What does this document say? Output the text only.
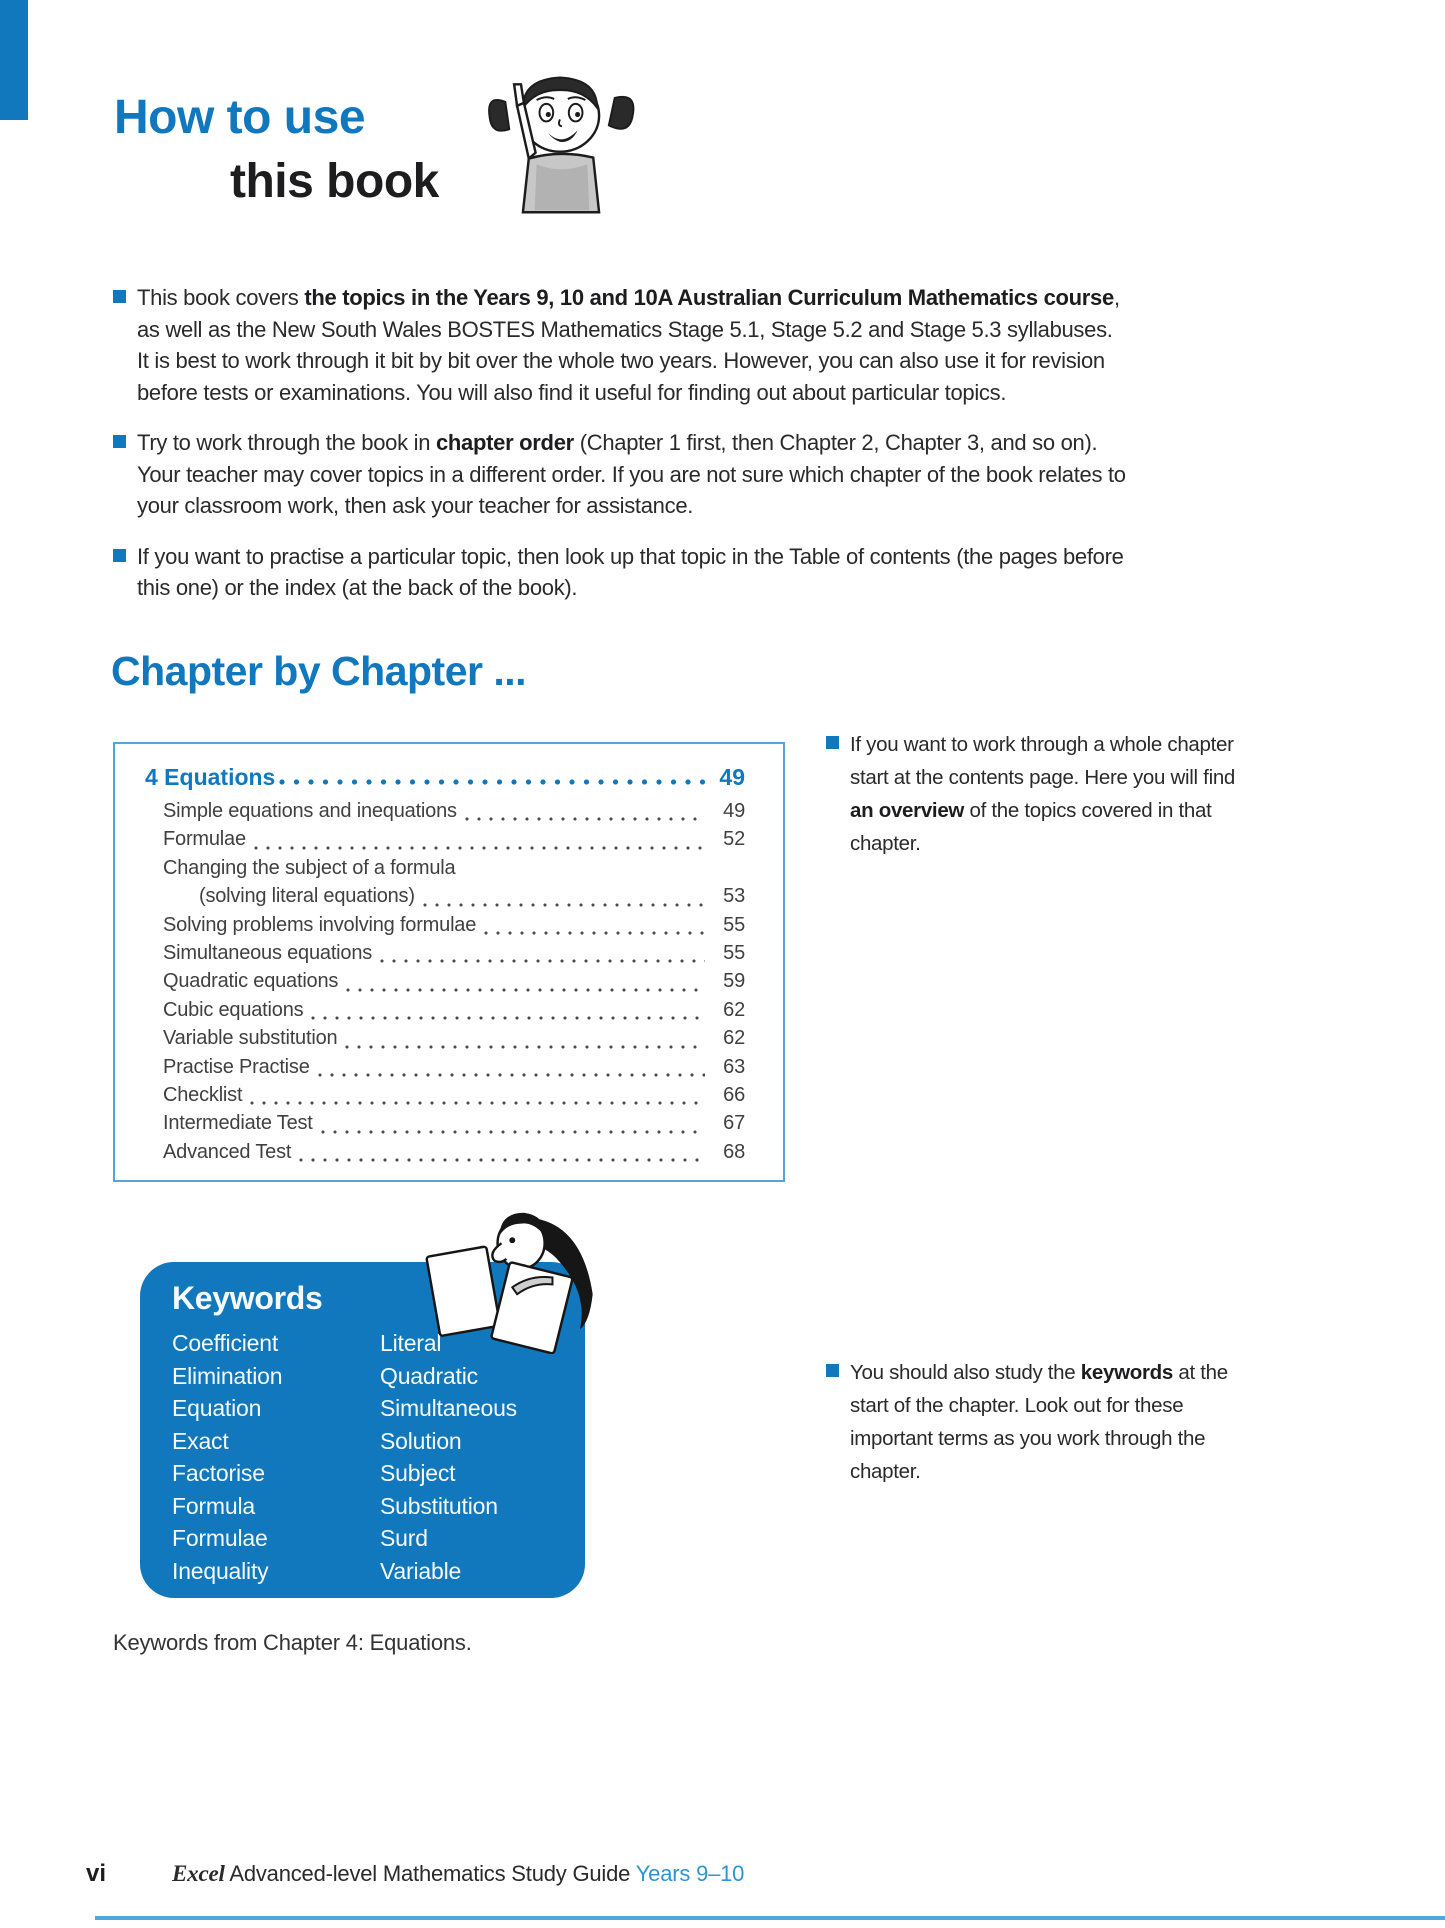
How to use
this book
This book covers the topics in the Years 9, 10 and 10A Australian Curriculum Mathematics course, as well as the New South Wales BOSTES Mathematics Stage 5.1, Stage 5.2 and Stage 5.3 syllabuses. It is best to work through it bit by bit over the whole two years. However, you can also use it for revision before tests or examinations. You will also find it useful for finding out about particular topics.
Try to work through the book in chapter order (Chapter 1 first, then Chapter 2, Chapter 3, and so on). Your teacher may cover topics in a different order. If you are not sure which chapter of the book relates to your classroom work, then ask your teacher for assistance.
If you want to practise a particular topic, then look up that topic in the Table of contents (the pages before this one) or the index (at the back of the book).
Chapter by Chapter ...
4 Equations	49
Simple equations and inequations	49
Formulae	52
Changing the subject of a formula
(solving literal equations)	53
Solving problems involving formulae	55
Simultaneous equations	55
Quadratic equations	59
Cubic equations	62
Variable substitution	62
Practise Practise	63
Checklist	66
Intermediate Test	67
Advanced Test	68
If you want to work through a whole chapter start at the contents page. Here you will find an overview of the topics covered in that chapter.
Keywords
Coefficient
Elimination
Equation
Exact
Factorise
Formula
Formulae
Inequality
Literal
Quadratic
Simultaneous
Solution
Subject
Substitution
Surd
Variable
Keywords from Chapter 4: Equations.
You should also study the keywords at the start of the chapter. Look out for these important terms as you work through the chapter.
vi	Excel Advanced-level Mathematics Study Guide Years 9–10
